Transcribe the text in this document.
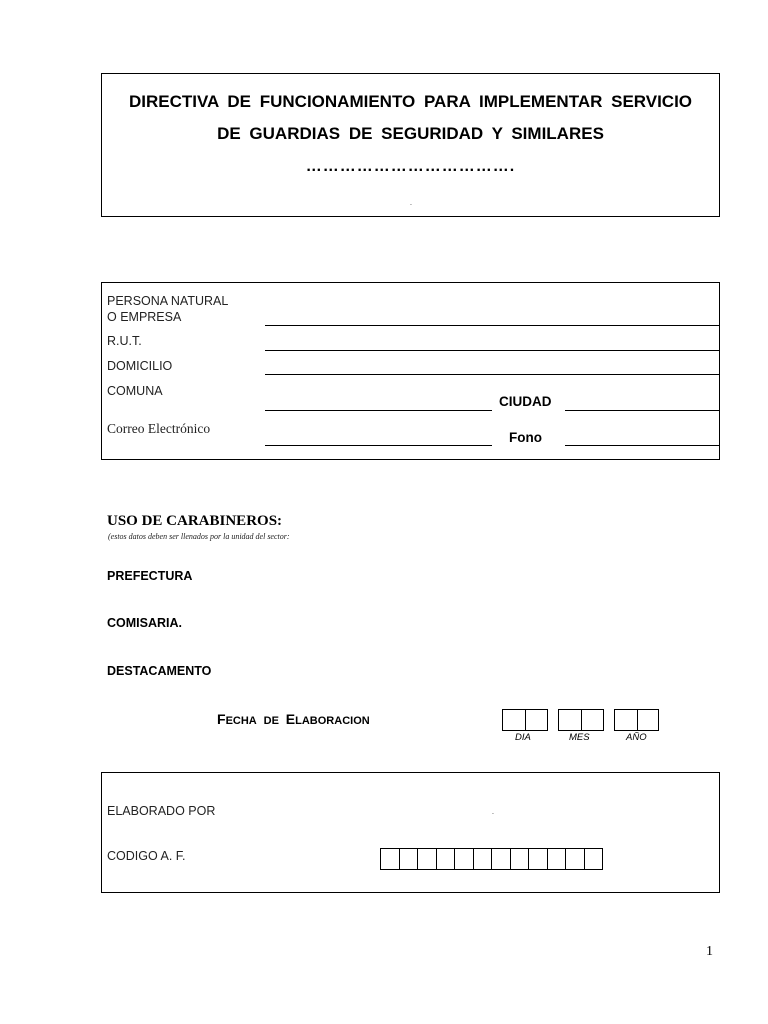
DIRECTIVA DE FUNCIONAMIENTO PARA IMPLEMENTAR SERVICIO
DE GUARDIAS DE SEGURIDAD Y SIMILARES
……………………………….
.
PERSONA NATURAL
O EMPRESA
R.U.T.
DOMICILIO
COMUNA
CIUDAD
Correo Electrónico
Fono
USO DE CARABINEROS:
(estos datos deben ser llenados por la unidad del sector:
PREFECTURA
COMISARIA.
DESTACAMENTO
FECHA DE ELABORACION
DIA	MES	AÑO
ELABORADO POR	.
CODIGO A. F.
1
